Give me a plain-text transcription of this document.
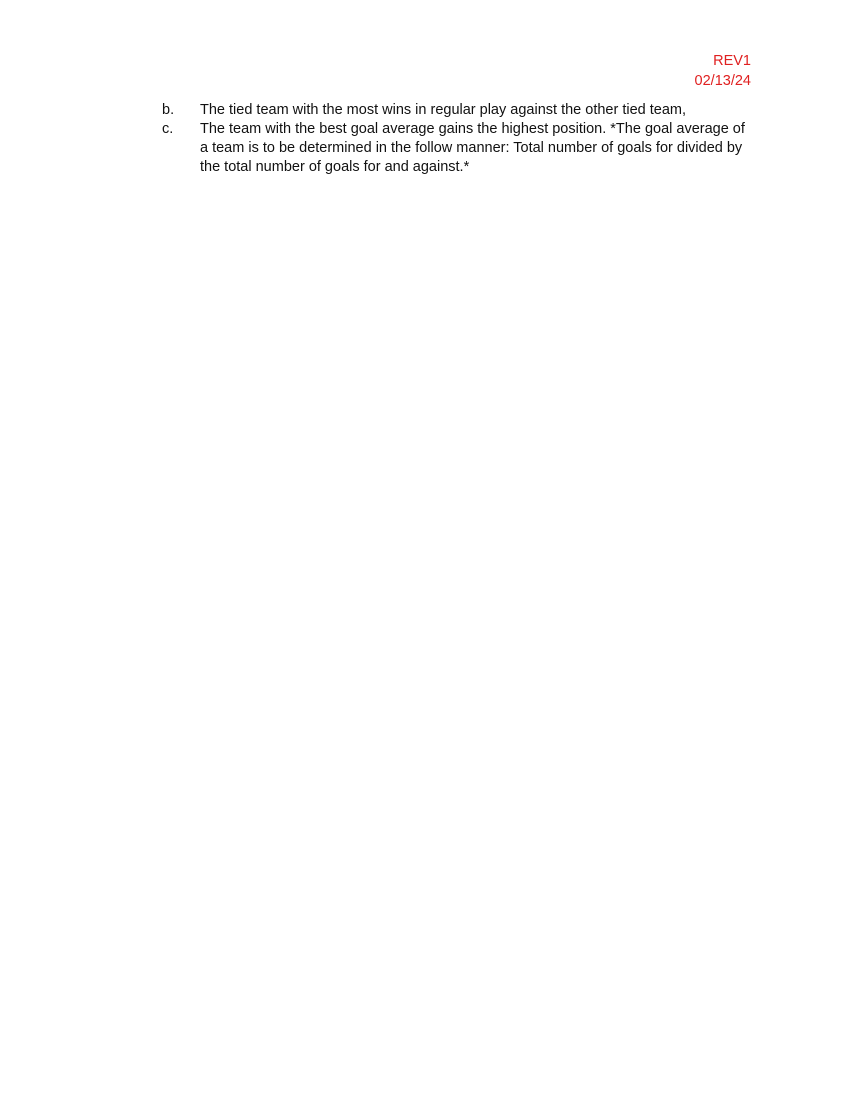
REV1
02/13/24
b.	The tied team with the most wins in regular play against the other tied team,
c.	The team with the best goal average gains the highest position. *The goal average of a team is to be determined in the follow manner: Total number of goals for divided by the total number of goals for and against.*
